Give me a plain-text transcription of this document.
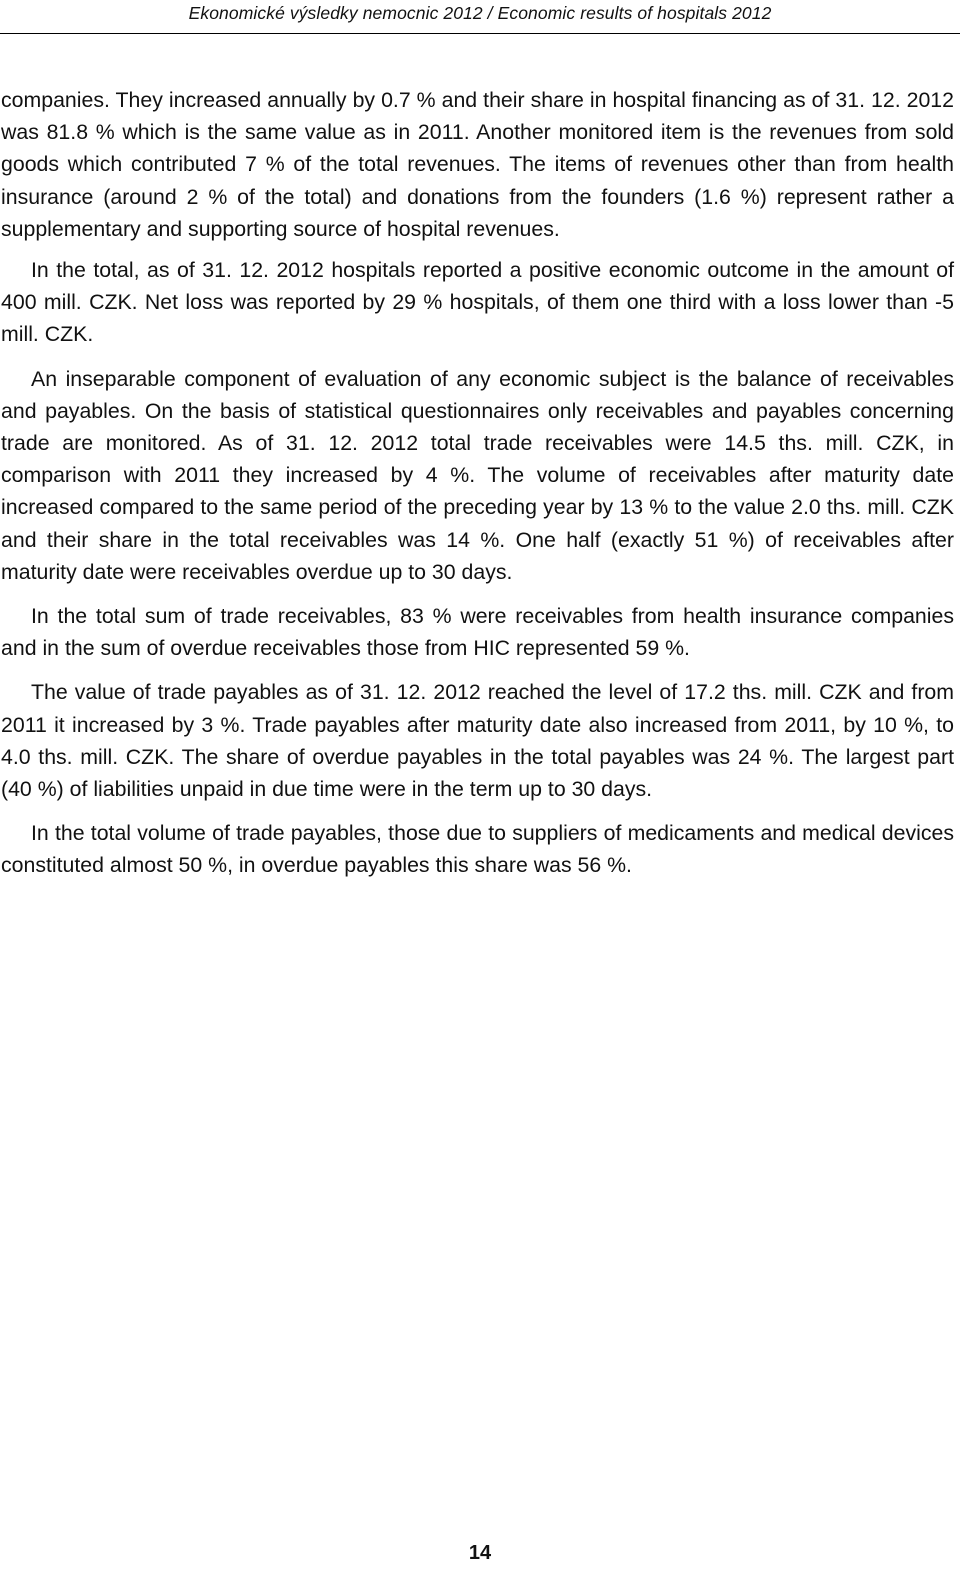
Ekonomické výsledky nemocnic 2012 / Economic results of hospitals 2012

companies. They increased annually by 0.7 % and their share in hospital financing as of 31. 12. 2012 was 81.8 % which is the same value as in 2011. Another monitored item is the revenues from sold goods which contributed 7 % of the total revenues. The items of revenues other than from health insurance (around 2 % of the total) and donations from the founders (1.6 %) represent rather a supplementary and supporting source of hospital revenues.

In the total, as of 31. 12. 2012 hospitals reported a positive economic outcome in the amount of 400 mill. CZK. Net loss was reported by 29 % hospitals, of them one third with a loss lower than -5 mill. CZK.

An inseparable component of evaluation of any economic subject is the balance of receivables and payables. On the basis of statistical questionnaires only receivables and payables concerning trade are monitored. As of 31. 12. 2012 total trade receivables were 14.5 ths. mill. CZK, in comparison with 2011 they increased by 4 %. The volume of receivables after maturity date increased compared to the same period of the preceding year by 13 % to the value 2.0 ths. mill. CZK and their share in the total receivables was 14 %. One half (exactly 51 %) of receivables after maturity date were receivables overdue up to 30 days.

In the total sum of trade receivables, 83 % were receivables from health insurance companies and in the sum of overdue receivables those from HIC represented 59 %.

The value of trade payables as of 31. 12. 2012 reached the level of 17.2 ths. mill. CZK and from 2011 it increased by 3 %. Trade payables after maturity date also increased from 2011, by 10 %, to 4.0 ths. mill. CZK. The share of overdue payables in the total payables was 24 %. The largest part (40 %) of liabilities unpaid in due time were in the term up to 30 days.

In the total volume of trade payables, those due to suppliers of medicaments and medical devices constituted almost 50 %, in overdue payables this share was 56 %.

14
